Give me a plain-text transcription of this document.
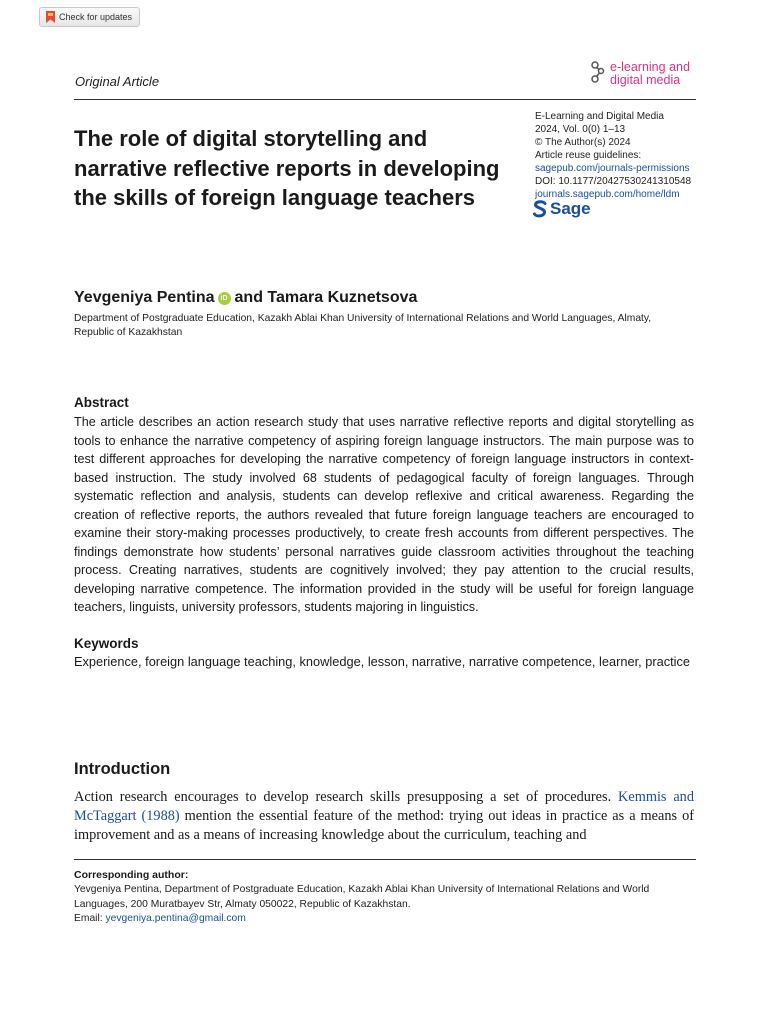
Check for updates
e-learning and
digital media
Original Article
E-Learning and Digital Media
2024, Vol. 0(0) 1–13
© The Author(s) 2024
Article reuse guidelines:
sagepub.com/journals-permissions
DOI: 10.1177/20427530241310548
journals.sagepub.com/home/ldm
Sage
The role of digital storytelling and narrative reflective reports in developing the skills of foreign language teachers
Yevgeniya Pentina iD and Tamara Kuznetsova
Department of Postgraduate Education, Kazakh Ablai Khan University of International Relations and World Languages, Almaty, Republic of Kazakhstan
Abstract
The article describes an action research study that uses narrative reflective reports and digital storytelling as tools to enhance the narrative competency of aspiring foreign language instructors. The main purpose was to test different approaches for developing the narrative competency of foreign language instructors in context-based instruction. The study involved 68 students of pedagogical faculty of foreign languages. Through systematic reflection and analysis, students can develop reflexive and critical awareness. Regarding the creation of reflective reports, the authors revealed that future foreign language teachers are encouraged to examine their story-making processes productively, to create fresh accounts from different perspectives. The findings demonstrate how students’ personal narratives guide classroom activities throughout the teaching process. Creating narratives, students are cognitively involved; they pay attention to the crucial results, developing narrative competence. The information provided in the study will be useful for foreign language teachers, linguists, university professors, students majoring in linguistics.
Keywords
Experience, foreign language teaching, knowledge, lesson, narrative, narrative competence, learner, practice
Introduction
Action research encourages to develop research skills presupposing a set of procedures. Kemmis and McTaggart (1988) mention the essential feature of the method: trying out ideas in practice as a means of improvement and as a means of increasing knowledge about the curriculum, teaching and
Corresponding author:
Yevgeniya Pentina, Department of Postgraduate Education, Kazakh Ablai Khan University of International Relations and World Languages, 200 Muratbayev Str, Almaty 050022, Republic of Kazakhstan.
Email: yevgeniya.pentina@gmail.com
